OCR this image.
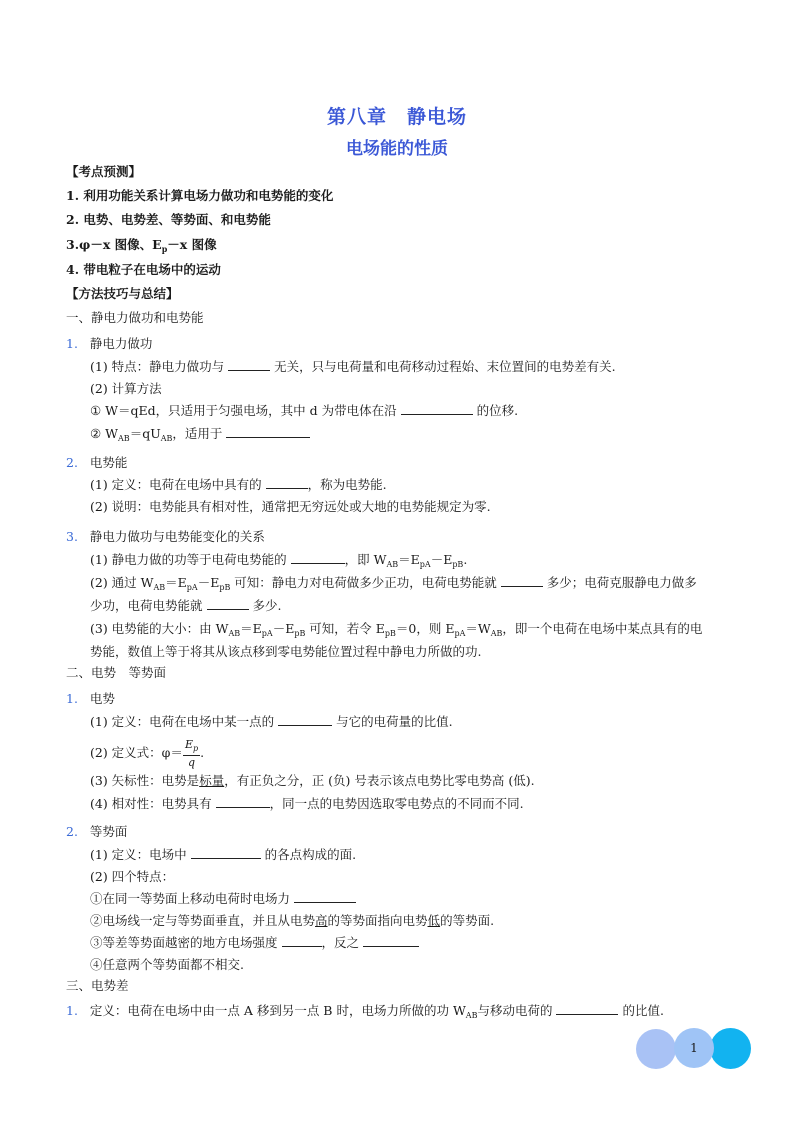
第八章　静电场
电场能的性质
【考点预测】
1. 利用功能关系计算电场力做功和电势能的变化
2. 电势、电势差、等势面、和电势能
3.φ－x 图像、$E_p-x$ 图像
4. 带电粒子在电场中的运动
【方法技巧与总结】
一、静电力做功和电势能
1. 静电力做功
(1) 特点：静电力做功与	无关，只与电荷量和电荷移动过程始、末位置间的电势差有关.
(2) 计算方法
① W＝qEd，只适用于匀强电场，其中 d 为带电体在沿	的位移.
② $W_{AB}=qU_{AB}$，适用于
2. 电势能
(1) 定义：电荷在电场中具有的	，称为电势能.
(2) 说明：电势能具有相对性，通常把无穷远处或大地的电势能规定为零.
3. 静电力做功与电势能变化的关系
(1) 静电力做的功等于电荷电势能的	，即 $W_{AB}=E_{pA}-E_{pB}$.
(2) 通过 $W_{AB}=E_{pA}-E_{pB}$ 可知：静电力对电荷做多少正功，电荷电势能就	多少；电荷克服静电力做多
少功，电荷电势能就	多少.
(3) 电势能的大小：由 $W_{AB}=E_{pA}-E_{pB}$ 可知，若令 $E_{pB}=0$，则 $E_{pA}=W_{AB}$，即一个电荷在电场中某点具有的电
势能，数值上等于将其从该点移到零电势能位置过程中静电力所做的功.
二、电势　等势面
1. 电势
(1) 定义：电荷在电场中某一点的	与它的电荷量的比值.
(2) 定义式：$\varphi= \frac{E_p}{q}$ .
(3) 矢标性：电势是标量，有正负之分，正 (负) 号表示该点电势比零电势高 (低).
(4) 相对性：电势具有	，同一点的电势因选取零电势点的不同而不同.
2. 等势面
(1) 定义：电场中	的各点构成的面.
(2) 四个特点：
①在同一等势面上移动电荷时电场力
②电场线一定与等势面垂直，并且从电势高的等势面指向电势低的等势面.
③等差等势面越密的地方电场强度	，反之
④任意两个等势面都不相交.
三、电势差
1. 定义：电荷在电场中由一点 A 移到另一点 B 时，电场力所做的功 $W_{AB}$与移动电荷的	的比值.
1
